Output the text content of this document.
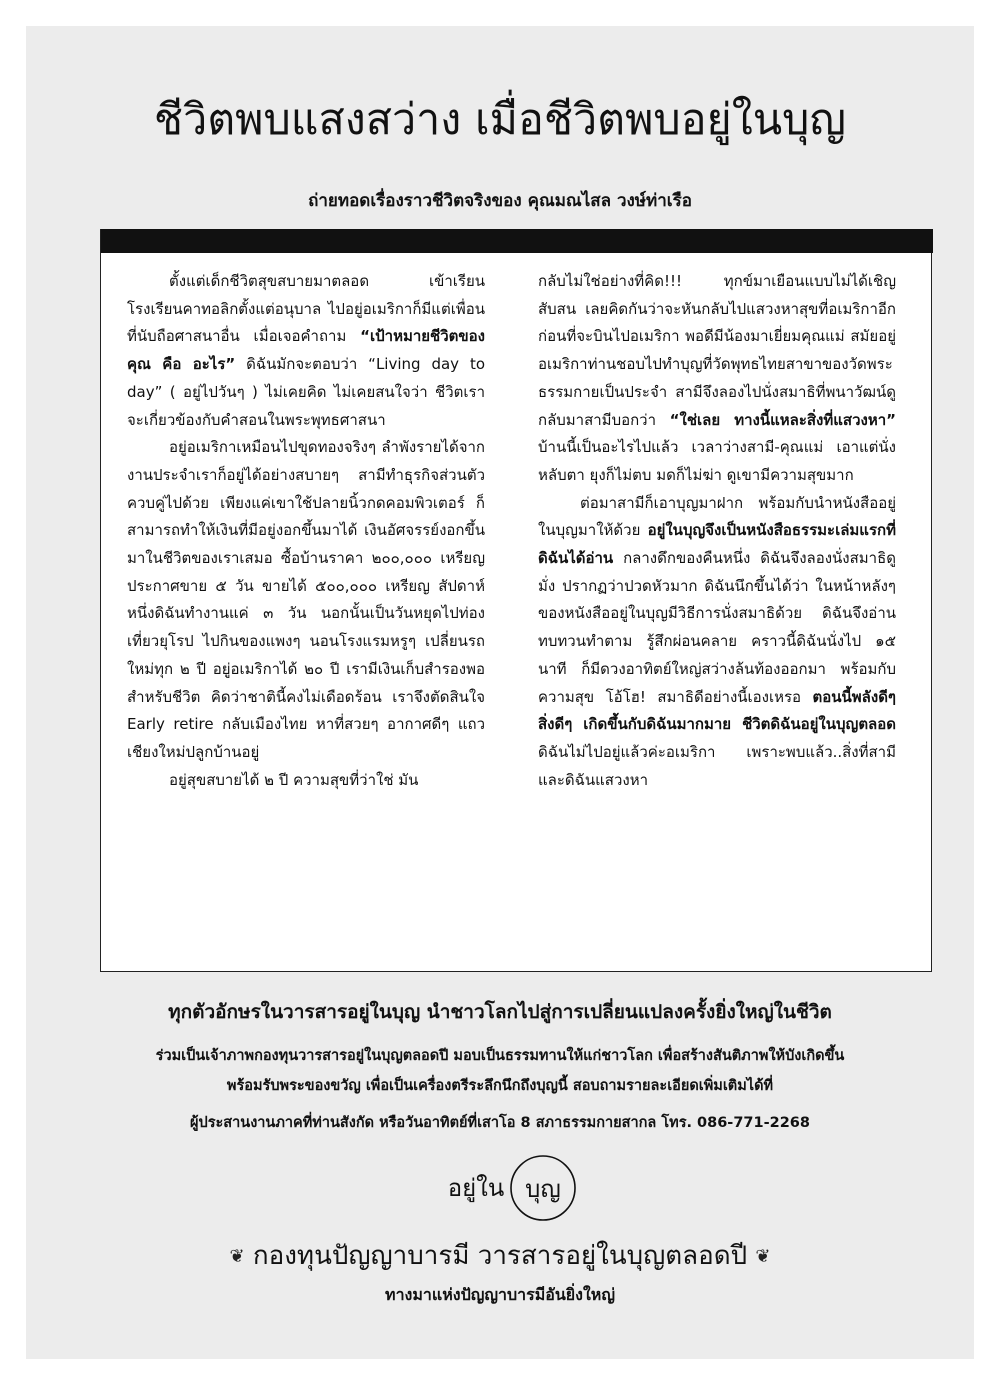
ชีวิตพบแสงสว่าง เมื่อชีวิตพบอยู่ในบุญ
ถ่ายทอดเรื่องราวชีวิตจริงของ คุณมณไสล วงษ์ท่าเรือ

ตั้งแต่เด็กชีวิตสุขสบายมาตลอด เข้าเรียนโรงเรียนคาทอลิกตั้งแต่อนุบาล ไปอยู่อเมริกาก็มีแต่เพื่อนที่นับถือศาสนาอื่น เมื่อเจอคำถาม “เป้าหมายชีวิตของคุณ คือ อะไร” ดิฉันมักจะตอบว่า “Living day to day” ( อยู่ไปวันๆ ) ไม่เคยคิด ไม่เคยสนใจว่า ชีวิตเราจะเกี่ยวข้องกับคำสอนในพระพุทธศาสนา

อยู่อเมริกาเหมือนไปขุดทองจริงๆ ลำพังรายได้จากงานประจำเราก็อยู่ได้อย่างสบายๆ สามีทำธุรกิจส่วนตัวควบคู่ไปด้วย เพียงแค่เขาใช้ปลายนิ้วกดคอมพิวเตอร์ ก็สามารถทำให้เงินที่มีอยู่งอกขึ้นมาได้ เงินอัศจรรย์งอกขึ้นมาในชีวิตของเราเสมอ ซื้อบ้านราคา ๒๐๐,๐๐๐ เหรียญ ประกาศขาย ๕ วัน ขายได้ ๕๐๐,๐๐๐ เหรียญ สัปดาห์หนึ่งดิฉันทำงานแค่ ๓ วัน นอกนั้นเป็นวันหยุดไปท่องเที่ยวยุโรป ไปกินของแพงๆ นอนโรงแรมหรูๆ เปลี่ยนรถใหม่ทุก ๒ ปี อยู่อเมริกาได้ ๒๐ ปี เรามีเงินเก็บสำรองพอสำหรับชีวิต คิดว่าชาตินี้คงไม่เดือดร้อน เราจึงตัดสินใจ Early retire กลับเมืองไทย หาที่สวยๆ อากาศดีๆ แถวเชียงใหม่ปลูกบ้านอยู่

อยู่สุขสบายได้ ๒ ปี ความสุขที่ว่าใช่ มัน

กลับไม่ใช่อย่างที่คิด!!! ทุกข์มาเยือนแบบไม่ได้เชิญ สับสน เลยคิดกันว่าจะหันกลับไปแสวงหาสุขที่อเมริกาอีก ก่อนที่จะบินไปอเมริกา พอดีมีน้องมาเยี่ยมคุณแม่ สมัยอยู่อเมริกาท่านชอบไปทำบุญที่วัดพุทธไทยสาขาของวัดพระธรรมกายเป็นประจำ สามีจึงลองไปนั่งสมาธิที่พนาวัฒน์ดู กลับมาสามีบอกว่า “ใช่เลย ทางนี้แหละสิ่งที่แสวงหา” บ้านนี้เป็นอะไรไปแล้ว เวลาว่างสามี-คุณแม่ เอาแต่นั่งหลับตา ยุงก็ไม่ตบ มดก็ไม่ฆ่า ดูเขามีความสุขมาก

ต่อมาสามีก็เอาบุญมาฝาก พร้อมกับนำหนังสืออยู่ในบุญมาให้ด้วย อยู่ในบุญจึงเป็นหนังสือธรรมะเล่มแรกที่ดิฉันได้อ่าน กลางดึกของคืนหนึ่ง ดิฉันจึงลองนั่งสมาธิดูมั่ง ปรากฏว่าปวดหัวมาก ดิฉันนึกขึ้นได้ว่า ในหน้าหลังๆ ของหนังสืออยู่ในบุญมีวิธีการนั่งสมาธิด้วย ดิฉันจึงอ่านทบทวนทำตาม รู้สึกผ่อนคลาย คราวนี้ดิฉันนั่งไป ๑๕ นาที ก็มีดวงอาทิตย์ใหญ่สว่างล้นท้องออกมา พร้อมกับความสุข โอ้โฮ! สมาธิดีอย่างนี้เองเหรอ ตอนนี้พลังดีๆ สิ่งดีๆ เกิดขึ้นกับดิฉันมากมาย ชีวิตดิฉันอยู่ในบุญตลอด ดิฉันไม่ไปอยู่แล้วค่ะอเมริกา เพราะพบแล้ว..สิ่งที่สามีและดิฉันแสวงหา

ทุกตัวอักษรในวารสารอยู่ในบุญ นำชาวโลกไปสู่การเปลี่ยนแปลงครั้งยิ่งใหญ่ในชีวิต
ร่วมเป็นเจ้าภาพกองทุนวารสารอยู่ในบุญตลอดปี มอบเป็นธรรมทานให้แก่ชาวโลก เพื่อสร้างสันติภาพให้บังเกิดขึ้น
พร้อมรับพระของขวัญ เพื่อเป็นเครื่องตรีระลึกนึกถึงบุญนี้ สอบถามรายละเอียดเพิ่มเติมได้ที่
ผู้ประสานงานภาคที่ท่านสังกัด หรือวันอาทิตย์ที่เสาโอ 8 สภาธรรมกายสากล โทร. 086-771-2268
อยู่ใน บุญ
❦ กองทุนปัญญาบารมี วารสารอยู่ในบุญตลอดปี ❦
ทางมาแห่งปัญญาบารมีอันยิ่งใหญ่
